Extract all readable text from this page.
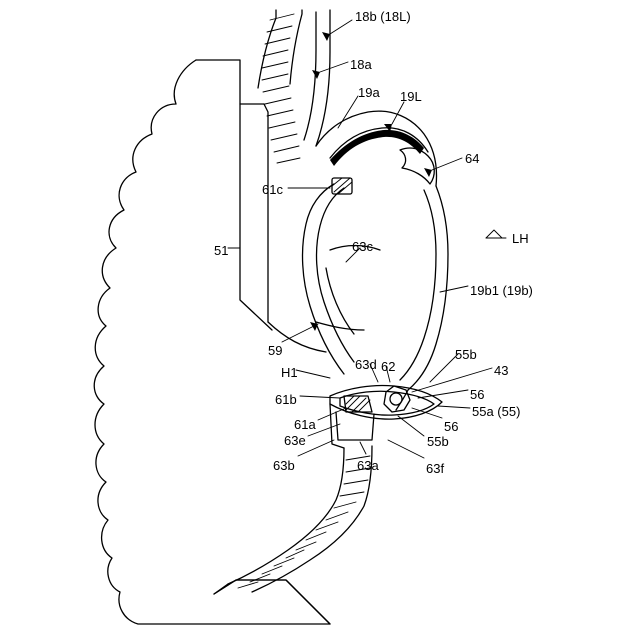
18b (18L)
18a
19a 19L
64
61c
51	63c
19b1 (19b)
59
62
55b
43
H1
63d
56
61b
55a (55)
61a	56
63e	55b
63b	63a	63f
LH
